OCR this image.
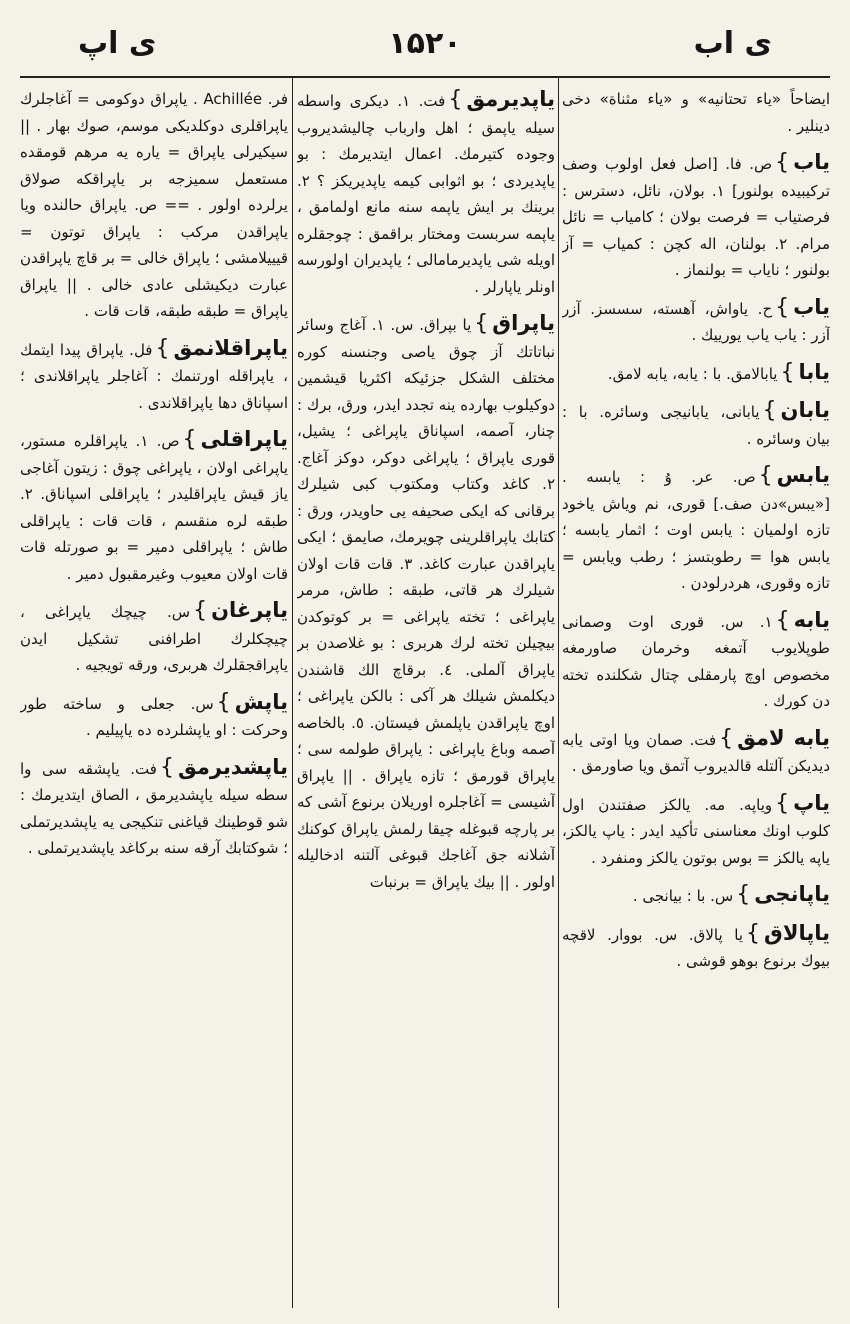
ی اپ	۱۵۲۰	ی اب

ایضاحاً «یاء تحتانیه» و «یاء مثناة» دخی دینلیر .

یاب}ص. فا. [اصل فعل اولوب وصف ترکیبیده بولنور] ۱. بولان، نائل، دسترس : فرصتیاب = فرصت بولان ؛ کامیاب = نائل مرام. ۲. بولنان، اله کچن : کمیاب = آز بولنور ؛ نایاب = بولنماز .

یاب}ح. یاواش، آهسته، سسسز. آزر آزر : یاب یاب یورییك .

یابا}یابالامق. با : یابه، یابه لامق.

یابان}یابانی، یابانیجی وسائره. با : بیان وسائره .

یابس}ص. عر. ۇ : یابسه . [«یبس»دن صف.] قوری، نم ویاش یاخود تازه اولمیان : یابس اوت ؛ اثمار یابسه ؛ یابس هوا = رطوبتسز ؛ رطب ویابس = تازه وقوری، هردرلودن .

یابه}۱. س. قوری اوت وصمانی طوپلایوب آتمغه وخرمان صاورمغه مخصوص اوچ پارمقلی چتال شکلنده تخته دن کورك .

یابه لامق}فت. صمان ویا اوتی یابه دیدیکن آلتله قالدیروب آتمق ویا صاورمق .

یاپ}ویاپه. مه. یالکز صفتندن اول کلوب اونك معناسنی تأکید ایدر : یاپ یالکز، یاپه یالکز = بوس بوتون یالکز ومنفرد .

یاپانجی}س. با : بیانجی .

یاپالاق}یا پالاق. س. بووار. لاقچه بیوك برنوع بوهو قوشی .

یاپدیرمق}فت. ۱. دیکری واسطه سیله یاپمق ؛ اهل وارباب چالیشدیروب وجوده کتیرمك. اعمال ایتدیرمك : بو یاپدیردی ؛ بو اثوابی کیمه یاپدیریکز ؟ ۲. برینك بر ایش یاپمه سنه مانع اولمامق ، یاپمه سربست ومختار براقمق : چوجقلره اویله شی یاپدیرمامالی ؛ یاپدیران اولورسه اونلر یاپارلر .

یاپراق}یا بپراق. س. ۱. آغاج وسائر نباتاتك آز چوق یاصی وجنسنه کوره مختلف الشکل جزئیکه اکثریا قیشمین دوکیلوب بهارده ینه تجدد ایدر، ورق، برك : چنار، آصمه، اسپاناق یاپراغی ؛ یشیل، قوری یاپراق ؛ یاپراغی دوکر، دوکز آغاج. ۲. کاغد وکتاب ومکتوب کبی شیلرك برقانی که ایکی صحیفه یی حاویدر، ورق : کتابك یاپراقلرینی چویرمك، صایمق ؛ ایکی یاپراقدن عبارت کاغد. ۳. قات قات اولان شیلرك هر قاتی، طبقه : طاش، مرمر یاپراغی ؛ تخته یاپراغی = بر کوتوکدن بیچیلن تخته لرك هربری : بو غلاصدن بر یاپراق آلملی. ٤. برقاچ الك قاشندن دیکلمش شیلك هر آکی : بالکن یاپراغی ؛ اوچ یاپراقدن یاپلمش فیستان. ٥. بالخاصه آصمه وباغ یاپراغی : یاپراق طولمه سی ؛ یاپراق قورمق ؛ تازه یاپراق . || یاپراق آشیسی = آغاجلره اوریلان برنوع آشی که بر پارچه قبوغله چیقا رلمش یاپراق کوکنك آشلانه جق آغاجك قبوغی آلتنه ادخالیله اولور . || بیك یاپراق = برنبات

فر. Achillée . یاپراق دوکومی = آغاجلرك یاپراقلری دوکلدیکی موسم، صوك بهار . || سیکیرلی یاپراق = یاره یه مرهم قومقده مستعمل سمیزجه بر یاپراقکه صولاق یرلرده اولور . == ص. یاپراق حالنده ویا یاپراقدن مرکب : یاپراق توتون = قیییلامشی ؛ یاپراق خالی = بر قاچ یاپراقدن عبارت دیکیشلی عادی خالی . || یاپراق یاپراق = طبقه طبقه، قات قات .

یاپراقلانمق}فل. یاپراق پیدا ایتمك ، یاپراقله اورتنمك : آغاجلر یاپراقلاندی ؛ اسپاناق دها یاپراقلاندی .

یاپراقلی}ص. ۱. یاپراقلره مستور، یاپراغی اولان ، یاپراغی چوق : زیتون آغاجی یاز قیش یاپراقلیدر ؛ یاپراقلی اسپاناق. ۲. طبقه لره منقسم ، قات قات : یاپراقلی طاش ؛ یاپراقلی دمیر = بو صورتله قات قات اولان معیوب وغیرمقبول دمیر .

یاپرغان}س. چیچك یاپراغی ، چیچکلرك اطرافنی تشکیل ایدن یاپراقجقلرك هربری، ورقه تویجیه .

یاپش}س. جعلی و ساخته طور وحرکت : او یاپشلرده ده یاپیلیم .

یاپشدیرمق}فت. یاپشقه سی وا سطه سیله یاپشدیرمق ، الصاق ایتدیرمك : شو قوطینك قیاغنی تنکیجی یه یاپشدیرتملی ؛ شوکتابك آرقه سنه برکاغد یاپشدیرتملی .
